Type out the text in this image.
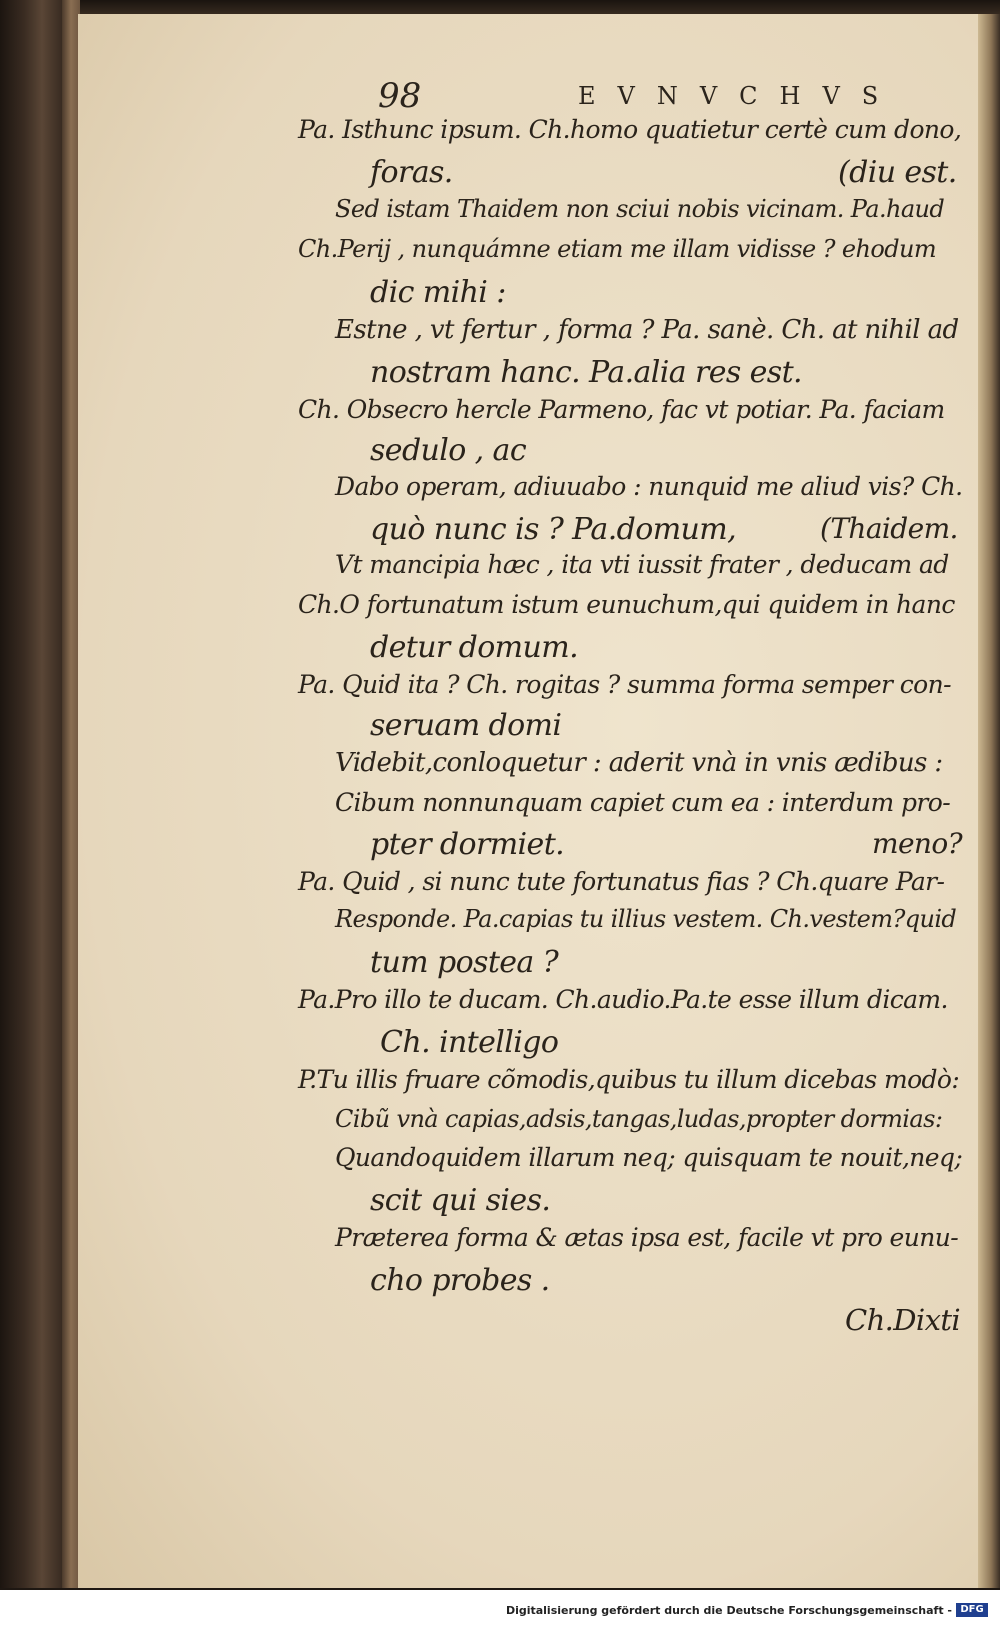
98	EVNVCHVS
Pa. Isthunc ipsum. Ch.homo quatietur certè cum dono,
foras.	(diu est.
Sed istam Thaidem non sciui nobis vicinam. Pa.haud
Ch.Perij , nunquámne etiam me illam vidisse ? ehodum
dic mihi :
Estne , vt fertur , forma ? Pa. sanè. Ch. at nihil ad
nostram hanc. Pa.alia res est.
Ch. Obsecro hercle Parmeno, fac vt potiar. Pa. faciam
sedulo , ac
Dabo operam, adiuuabo : nunquid me aliud vis? Ch.
quò nunc is ? Pa.domum,	(Thaidem.
Vt mancipia hæc , ita vti iussit frater , deducam ad
Ch.O fortunatum istum eunuchum,qui quidem in hanc
detur domum.
Pa. Quid ita ? Ch. rogitas ? summa forma semper con-
seruam domi
Videbit,conloquetur : aderit vnà in vnis ædibus :
Cibum nonnunquam capiet cum ea : interdum pro-
pter dormiet.	meno?
Pa. Quid , si nunc tute fortunatus fias ? Ch.quare Par-
Responde. Pa.capias tu illius vestem. Ch.vestem?quid
tum postea ?
Pa.Pro illo te ducam. Ch.audio.Pa.te esse illum dicam.
Ch. intelligo
P.Tu illis fruare cõmodis,quibus tu illum dicebas modò:
Cibũ vnà capias,adsis,tangas,ludas,propter dormias:
Quandoquidem illarum neq; quisquam te nouit,neq;
scit qui sies.
Præterea forma & ætas ipsa est, facile vt pro eunu-
cho probes .
Ch.Dixti
Digitalisierung gefördert durch die Deutsche Forschungsgemeinschaft - DFG
